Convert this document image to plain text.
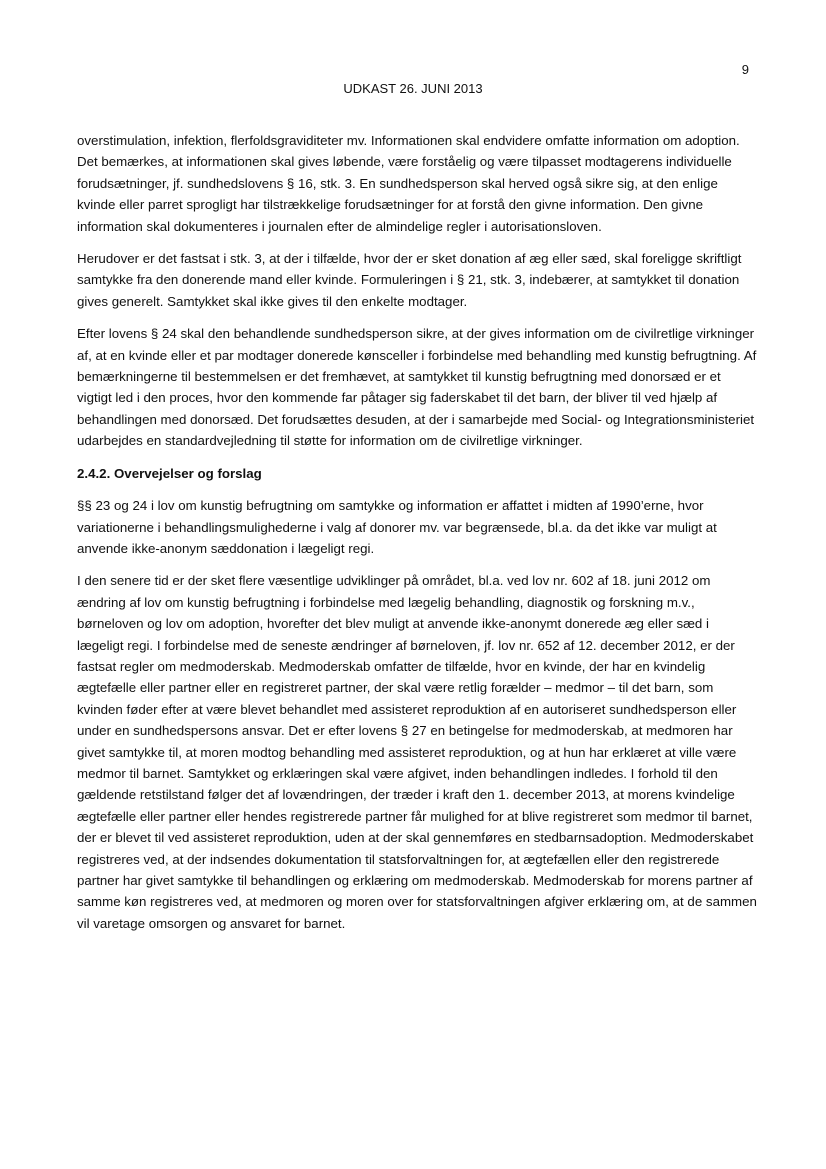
9
UDKAST 26. JUNI 2013

overstimulation, infektion, flerfoldsgraviditeter mv. Informationen skal endvidere omfatte information om adoption. Det bemærkes, at informationen skal gives løbende, være forståelig og være tilpasset modtagerens individuelle forudsætninger, jf. sundhedslovens § 16, stk. 3. En sundhedsperson skal herved også sikre sig, at den enlige kvinde eller parret sprogligt har tilstrækkelige forudsætninger for at forstå den givne information. Den givne information skal dokumenteres i journalen efter de almindelige regler i autorisationsloven.

Herudover er det fastsat i stk. 3, at der i tilfælde, hvor der er sket donation af æg eller sæd, skal foreligge skriftligt samtykke fra den donerende mand eller kvinde. Formuleringen i § 21, stk. 3, indebærer, at samtykket til donation gives generelt. Samtykket skal ikke gives til den enkelte modtager.

Efter lovens § 24 skal den behandlende sundhedsperson sikre, at der gives information om de civilretlige virkninger af, at en kvinde eller et par modtager donerede kønsceller i forbindelse med behandling med kunstig befrugtning. Af bemærkningerne til bestemmelsen er det fremhævet, at samtykket til kunstig befrugtning med donorsæd er et vigtigt led i den proces, hvor den kommende far påtager sig faderskabet til det barn, der bliver til ved hjælp af behandlingen med donorsæd. Det forudsættes desuden, at der i samarbejde med Social- og Integrationsministeriet udarbejdes en standardvejledning til støtte for information om de civilretlige virkninger.

2.4.2. Overvejelser og forslag

§§ 23 og 24 i lov om kunstig befrugtning om samtykke og information er affattet i midten af 1990’erne, hvor variationerne i behandlingsmulighederne i valg af donorer mv. var begrænsede, bl.a. da det ikke var muligt at anvende ikke-anonym sæddonation i lægeligt regi.

I den senere tid er der sket flere væsentlige udviklinger på området, bl.a. ved lov nr. 602 af 18. juni 2012 om ændring af lov om kunstig befrugtning i forbindelse med lægelig behandling, diagnostik og forskning m.v., børneloven og lov om adoption, hvorefter det blev muligt at anvende ikke-anonymt donerede æg eller sæd i lægeligt regi. I forbindelse med de seneste ændringer af børneloven, jf. lov nr. 652 af 12. december 2012, er der fastsat regler om medmoderskab. Medmoderskab omfatter de tilfælde, hvor en kvinde, der har en kvindelig ægtefælle eller partner eller en registreret partner, der skal være retlig forælder – medmor – til det barn, som kvinden føder efter at være blevet behandlet med assisteret reproduktion af en autoriseret sundhedsperson eller under en sundhedspersons ansvar. Det er efter lovens § 27 en betingelse for medmoderskab, at medmoren har givet samtykke til, at moren modtog behandling med assisteret reproduktion, og at hun har erklæret at ville være medmor til barnet. Samtykket og erklæringen skal være afgivet, inden behandlingen indledes. I forhold til den gældende retstilstand følger det af lovændringen, der træder i kraft den 1. december 2013, at morens kvindelige ægtefælle eller partner eller hendes registrerede partner får mulighed for at blive registreret som medmor til barnet, der er blevet til ved assisteret reproduktion, uden at der skal gennemføres en stedbarnsadoption. Medmoderskabet registreres ved, at der indsendes dokumentation til statsforvaltningen for, at ægtefællen eller den registrerede partner har givet samtykke til behandlingen og erklæring om medmoderskab. Medmoderskab for morens partner af samme køn registreres ved, at medmoren og moren over for statsforvaltningen afgiver erklæring om, at de sammen vil varetage omsorgen og ansvaret for barnet.
